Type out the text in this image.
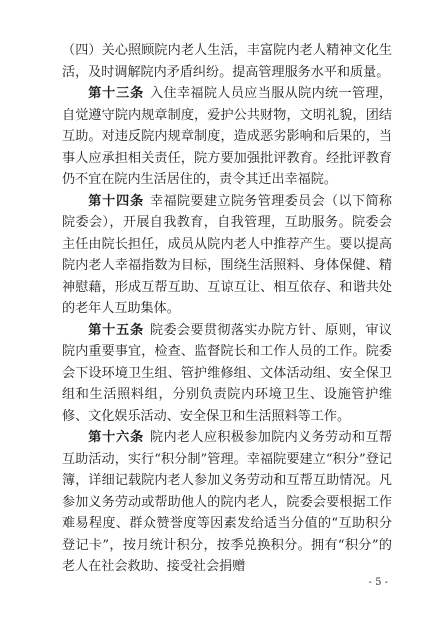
（四）关心照顾院内老人生活，丰富院内老人精神文化生活，及时调解院内矛盾纠纷。提高管理服务水平和质量。

第十三条 入住幸福院人员应当服从院内统一管理，自觉遵守院内规章制度，爱护公共财物，文明礼貌，团结互助。对违反院内规章制度，造成恶劣影响和后果的，当事人应承担相关责任，院方要加强批评教育。经批评教育仍不宜在院内生活居住的，责令其迁出幸福院。

第十四条 幸福院要建立院务管理委员会（以下简称院委会），开展自我教育，自我管理，互助服务。院委会主任由院长担任，成员从院内老人中推荐产生。要以提高院内老人幸福指数为目标，围绕生活照料、身体保健、精神慰藉，形成互帮互助、互谅互让、相互依存、和谐共处的老年人互助集体。

第十五条 院委会要贯彻落实办院方针、原则，审议院内重要事宜，检查、监督院长和工作人员的工作。院委会下设环境卫生组、管护维修组、文体活动组、安全保卫组和生活照料组，分别负责院内环境卫生、设施管护维修、文化娱乐活动、安全保卫和生活照料等工作。

第十六条 院内老人应积极参加院内义务劳动和互帮互助活动，实行“积分制”管理。幸福院要建立“积分”登记簿，详细记载院内老人参加义务劳动和互帮互助情况。凡参加义务劳动或帮助他人的院内老人，院委会要根据工作难易程度、群众赞誉度等因素发给适当分值的“互助积分登记卡”，按月统计积分，按季兑换积分。拥有“积分”的老人在社会救助、接受社会捐赠

- 5 -
